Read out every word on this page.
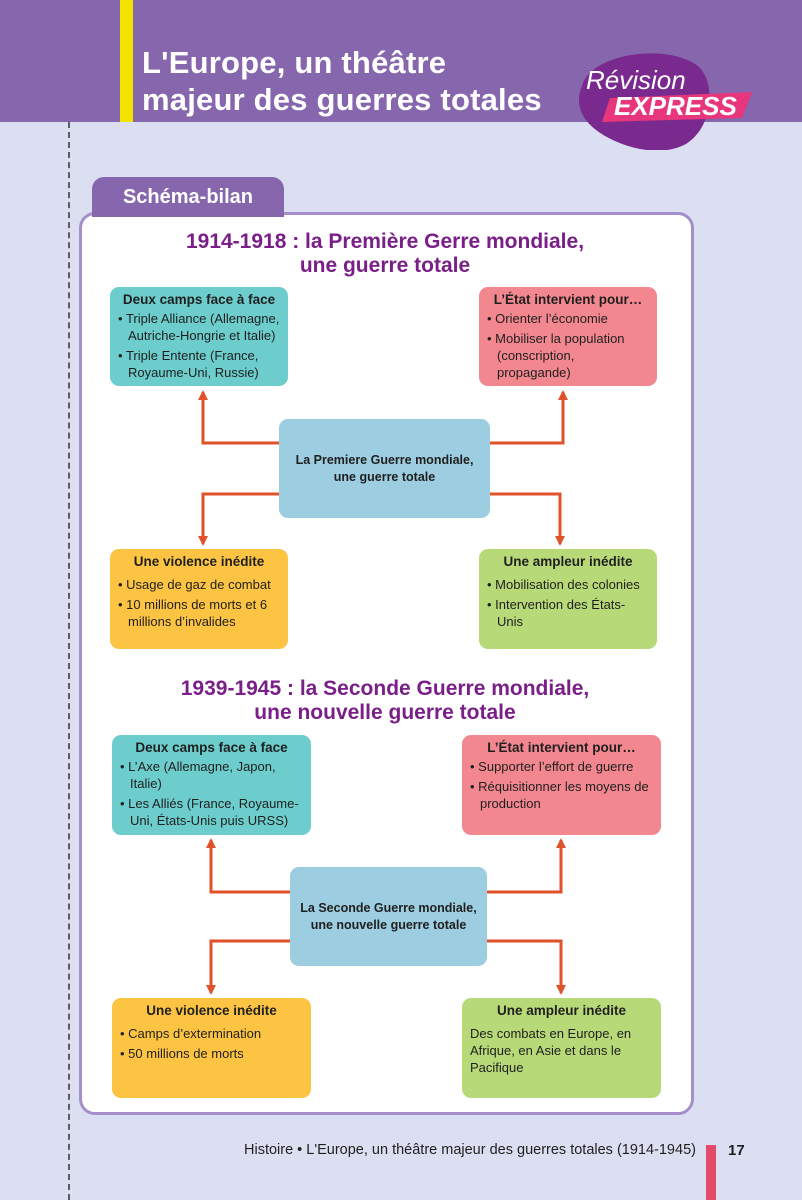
L'Europe, un théâtre
majeur des guerres totales
Révision
EXPRESS
Schéma-bilan
1914-1918 : la Première Gerre mondiale,
une guerre totale
Deux camps face à face
• Triple Alliance (Allemagne, Autriche-Hongrie et Italie)
• Triple Entente (France, Royaume-Uni, Russie)
L’État intervient pour…
• Orienter l’économie
• Mobiliser la population (conscription, propagande)
La Premiere Guerre mondiale,
une guerre totale
Une violence inédite
• Usage de gaz de combat
• 10 millions de morts et 6 millions d’invalides
Une ampleur inédite
• Mobilisation des colonies
• Intervention des États-Unis
1939-1945 : la Seconde Guerre mondiale,
une nouvelle guerre totale
Deux camps face à face
• L’Axe (Allemagne, Japon, Italie)
• Les Alliés (France, Royaume-Uni, États-Unis puis URSS)
L’État intervient pour…
• Supporter l’effort de guerre
• Réquisitionner les moyens de production
La Seconde Guerre mondiale,
une nouvelle guerre totale
Une violence inédite
• Camps d’extermination
• 50 millions de morts
Une ampleur inédite

Des combats en Europe, en Afrique, en Asie et dans le Pacifique

Histoire • L'Europe, un théâtre majeur des guerres totales (1914-1945) 17
